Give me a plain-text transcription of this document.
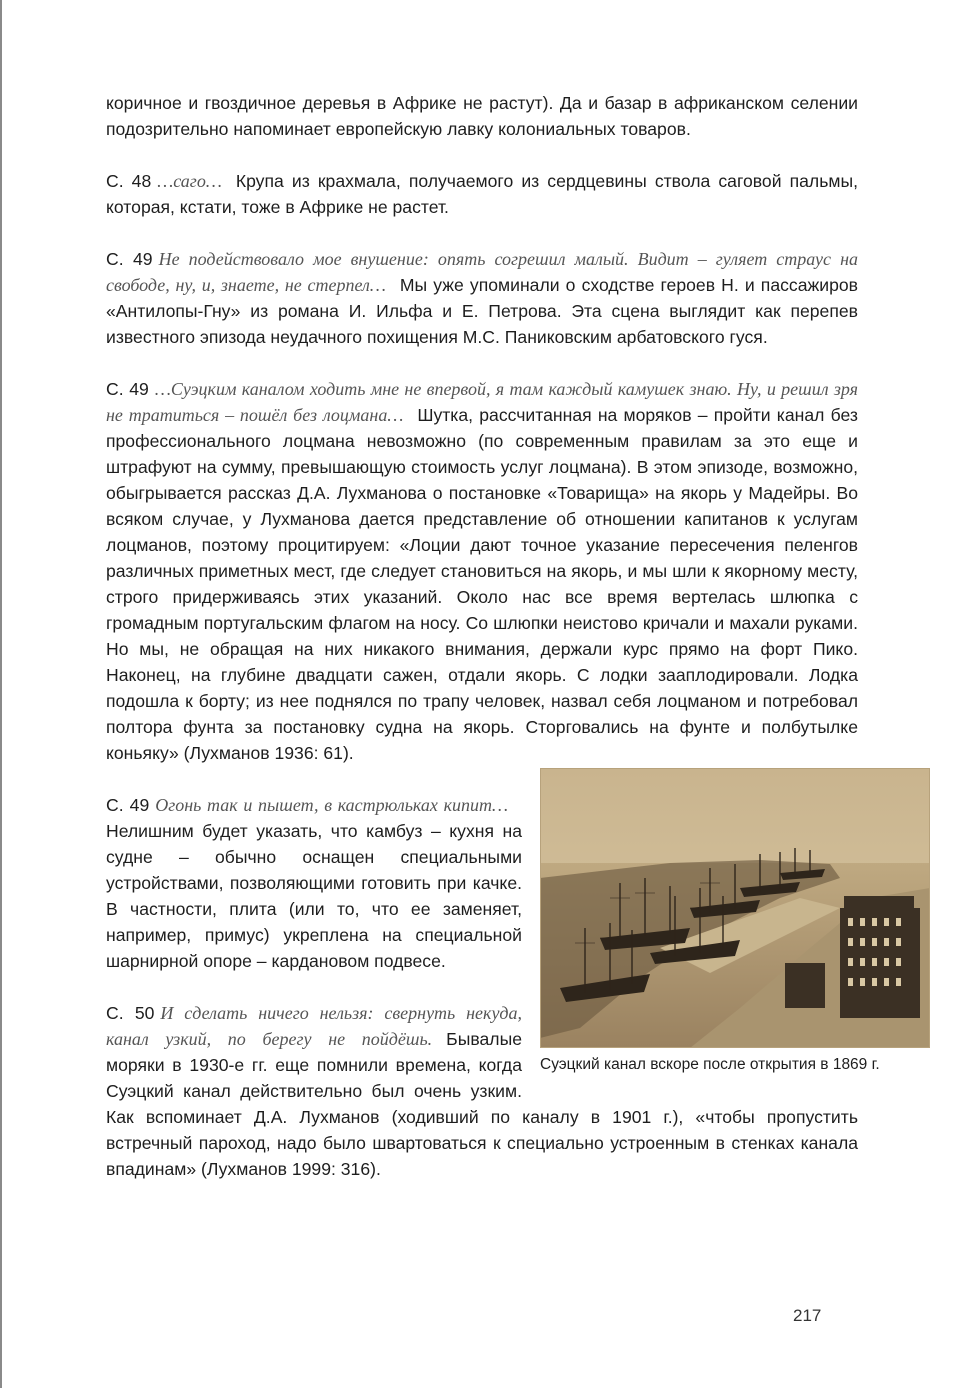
коричное и гвоздичное деревья в Африке не растут). Да и базар в африканском селении подозрительно напоминает европейскую лавку колониальных товаров.

С. 48 …саго… Крупа из крахмала, получаемого из сердцевины ствола саговой пальмы, которая, кстати, тоже в Африке не растет.

С. 49 Не подействовало мое внушение: опять согрешил малый. Видит – гуляет страус на свободе, ну, и, знаете, не стерпел… Мы уже упоминали о сходстве героев Н. и пассажиров «Антилопы-Гну» из романа И. Ильфа и Е. Петрова. Эта сцена выглядит как перепев известного эпизода неудачного похищения М.С. Паниковским арбатовского гуся.

С. 49 …Суэцким каналом ходить мне не впервой, я там каждый камушек знаю. Ну, и решил зря не тратиться – пошёл без лоцмана… Шутка, рассчитанная на моряков – пройти канал без профессионального лоцмана невозможно (по современным правилам за это еще и штрафуют на сумму, превышающую стоимость услуг лоцмана). В этом эпизоде, возможно, обыгрывается рассказ Д.А. Лухманова о постановке «Товарища» на якорь у Мадейры. Во всяком случае, у Лухманова дается представление об отношении капитанов к услугам лоцманов, поэтому процитируем: «Лоции дают точное указание пересечения пеленгов различных приметных мест, где следует становиться на якорь, и мы шли к якорному месту, строго придерживаясь этих указаний. Около нас все время вертелась шлюпка с громадным португальским флагом на носу. Со шлюпки неистово кричали и махали руками. Но мы, не обращая на них никакого внимания, держали курс прямо на форт Пико. Наконец, на глубине двадцати сажен, отдали якорь. С лодки зааплодировали. Лодка подошла к борту; из нее поднялся по трапу человек, назвал себя лоцманом и потребовал полтора фунта за постановку судна на якорь. Сторговались на фунте и полбутылке коньяку» (Лухманов 1936: 61).

Суэцкий канал вскоре после открытия в 1869 г.

С. 49 Огонь так и пышет, в кастрюльках кипит…Нелишним будет указать, что камбуз – кухня на судне – обычно оснащен специальными устройствами, позволяющими готовить при качке. В частности, плита (или то, что ее заменяет, например, примус) укреплена на специальной шарнирной опоре – кардановом подвесе.

С. 50 И сделать ничего нельзя: свернуть некуда, канал узкий, по берегу не пойдёшь. Бывалые моряки в 1930-е гг. еще помнили времена, когда Суэцкий канал действительно был очень узким. Как вспоминает Д.А. Лухманов (ходивший по каналу в 1901 г.), «чтобы пропустить встречный пароход, надо было швартоваться к специально устроенным в стенках канала впадинам» (Лухманов 1999: 316).

217
